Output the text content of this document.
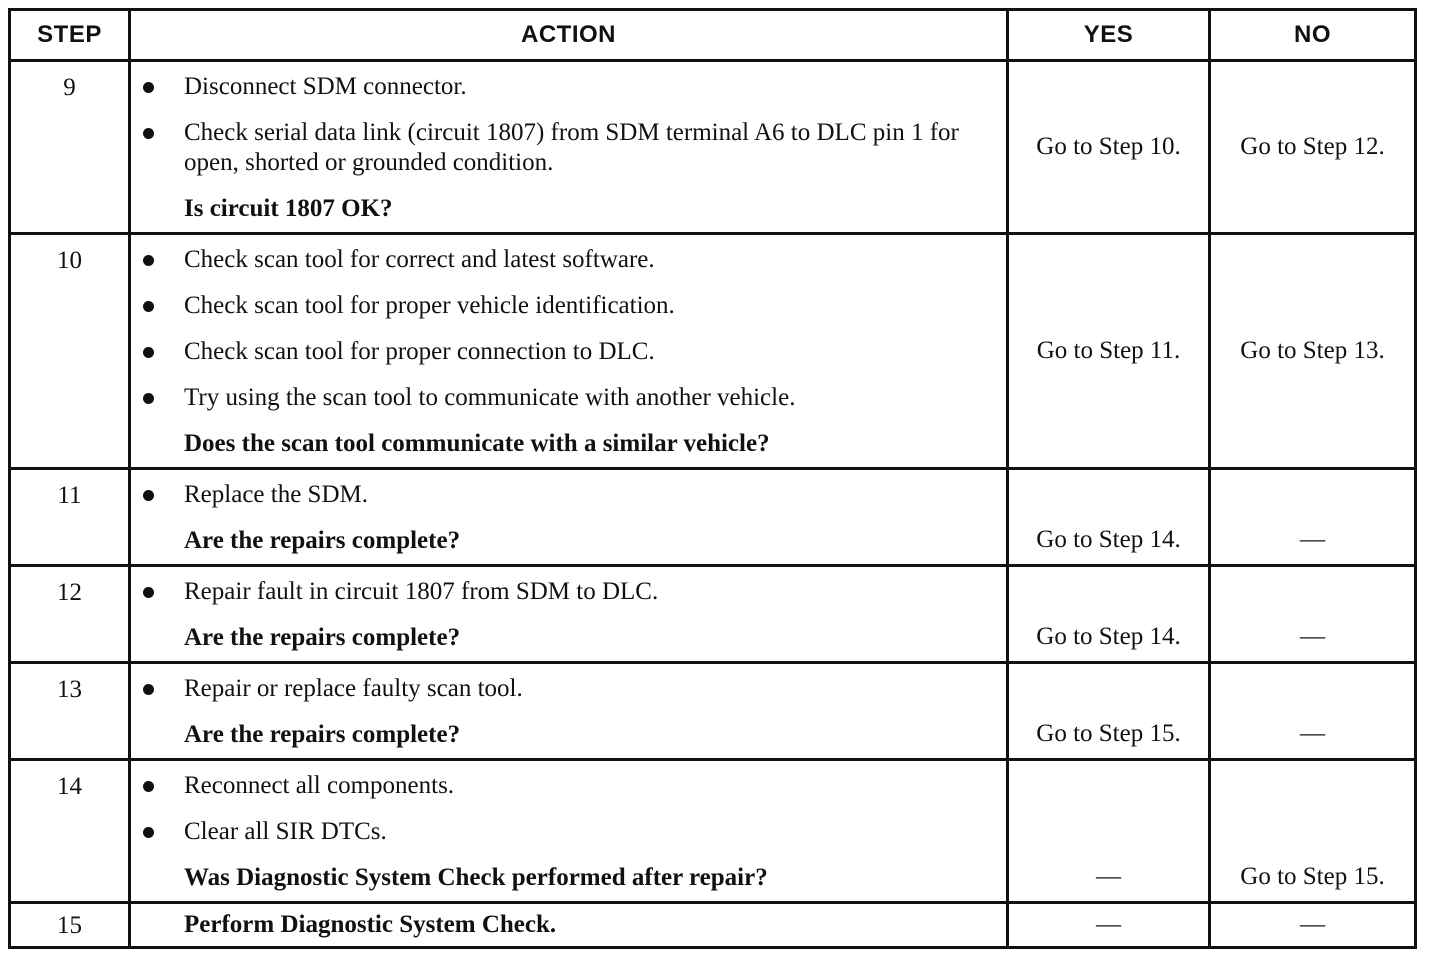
STEP	ACTION	YES	NO
9	Disconnect SDM connector.
Check serial data link (circuit 1807) from SDM terminal A6 to DLC pin 1 for open, shorted or grounded condition.
Is circuit 1807 OK?	Go to Step 10.	Go to Step 12.
10	Check scan tool for correct and latest software.
Check scan tool for proper vehicle identification.
Check scan tool for proper connection to DLC.
Try using the scan tool to communicate with another vehicle.
Does the scan tool communicate with a similar vehicle?	Go to Step 11.	Go to Step 13.
11	Replace the SDM.
Are the repairs complete?	Go to Step 14.	—
12	Repair fault in circuit 1807 from SDM to DLC.
Are the repairs complete?	Go to Step 14.	—
13	Repair or replace faulty scan tool.
Are the repairs complete?	Go to Step 15.	—
14	Reconnect all components.
Clear all SIR DTCs.
Was Diagnostic System Check performed after repair?	—	Go to Step 15.
15	Perform Diagnostic System Check.	—	—
